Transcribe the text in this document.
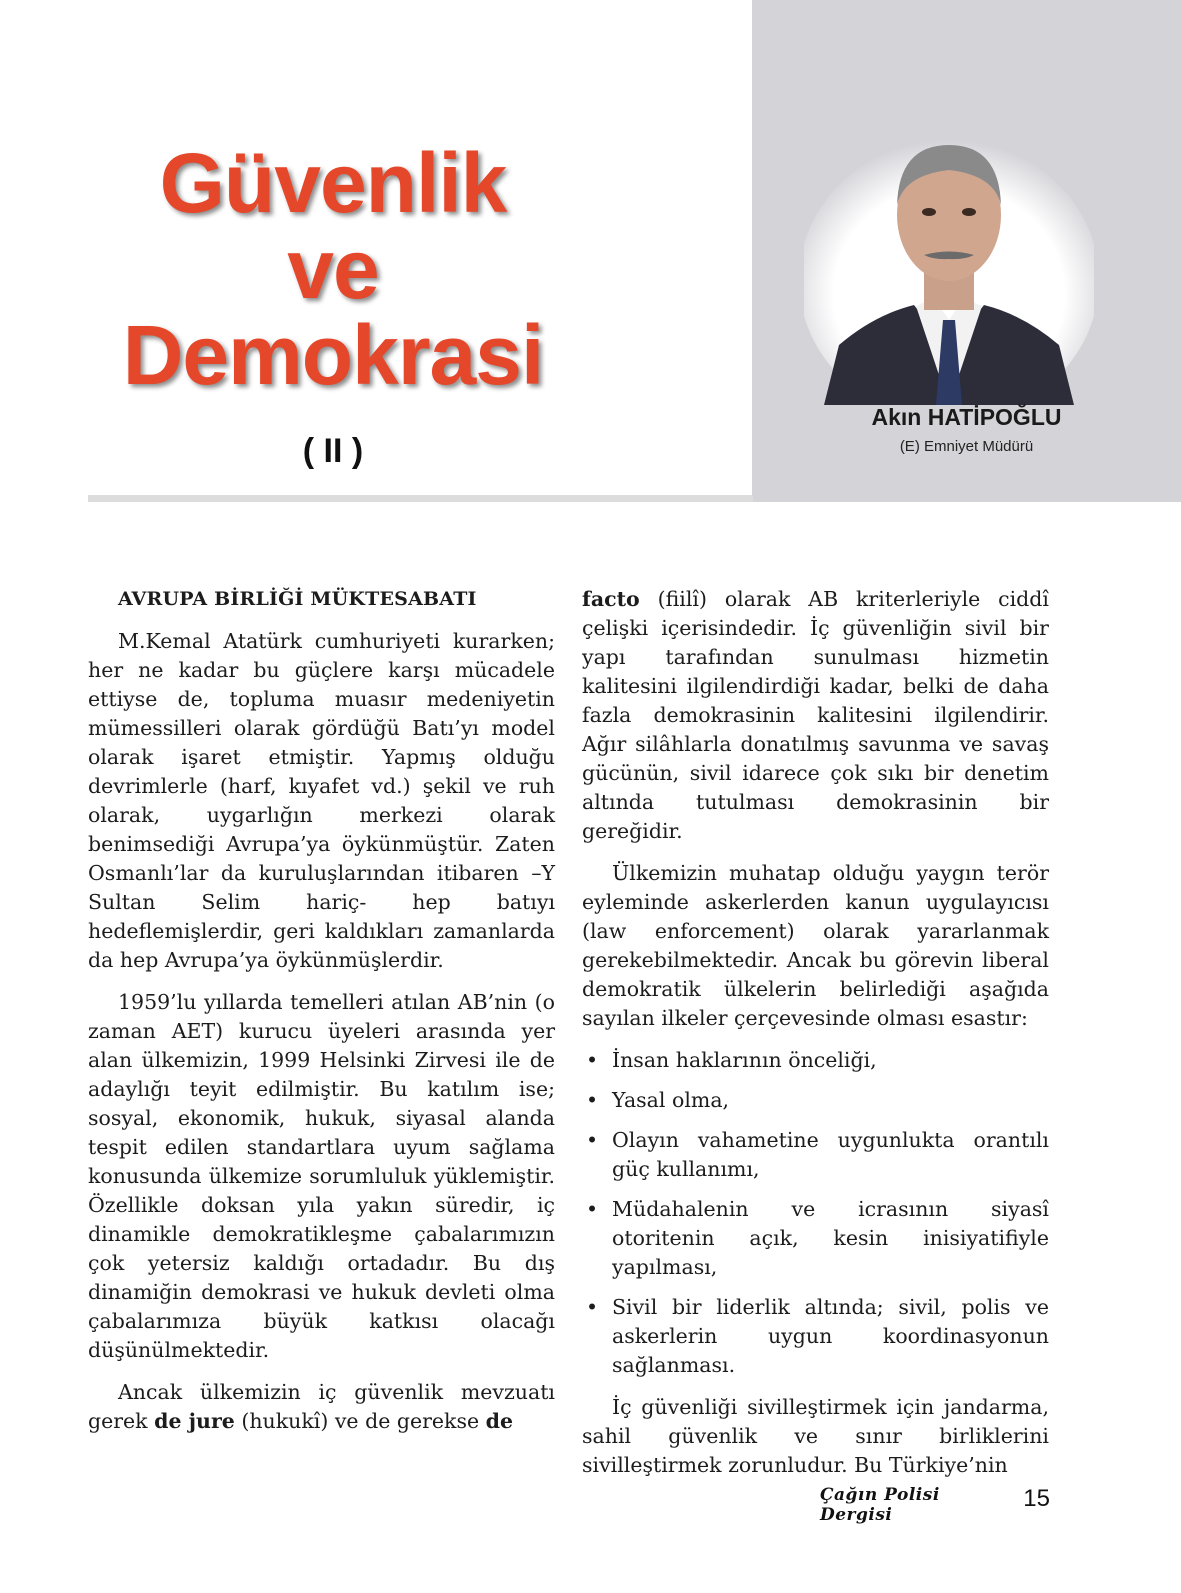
Güvenlik
ve
Demokrasi
( II )
Akın HATİPOĞLU
(E) Emniyet Müdürü

AVRUPA BİRLİĞİ MÜKTESABATI

M.Kemal Atatürk cumhuriyeti kurarken; her ne kadar bu güçlere karşı mücadele ettiyse de, topluma muasır medeniyetin mümessilleri olarak gördüğü Batı’yı model olarak işaret etmiştir. Yapmış olduğu devrimlerle (harf, kıyafet vd.) şekil ve ruh olarak, uygarlığın merkezi olarak benimsediği Avrupa’ya öykünmüştür. Zaten Osmanlı’lar da kuruluşlarından itibaren –Y Sultan Selim hariç- hep batıyı hedeflemişlerdir, geri kaldıkları zamanlarda da hep Avrupa’ya öykünmüşlerdir.

1959’lu yıllarda temelleri atılan AB’nin (o zaman AET) kurucu üyeleri arasında yer alan ülkemizin, 1999 Helsinki Zirvesi ile de adaylığı teyit edilmiştir. Bu katılım ise; sosyal, ekonomik, hukuk, siyasal alanda tespit edilen standartlara uyum sağlama konusunda ülkemize sorumluluk yüklemiştir. Özellikle doksan yıla yakın süredir, iç dinamikle demokratikleşme çabalarımızın çok yetersiz kaldığı ortadadır. Bu dış dinamiğin demokrasi ve hukuk devleti olma çabalarımıza büyük katkısı olacağı düşünülmektedir.

Ancak ülkemizin iç güvenlik mevzuatı gerek de jure (hukukî) ve de gerekse de

facto (fiilî) olarak AB kriterleriyle ciddî çelişki içerisindedir. İç güvenliğin sivil bir yapı tarafından sunulması hizmetin kalitesini ilgilendirdiği kadar, belki de daha fazla demokrasinin kalitesini ilgilendirir. Ağır silâhlarla donatılmış savunma ve savaş gücünün, sivil idarece çok sıkı bir denetim altında tutulması demokrasinin bir gereğidir.

Ülkemizin muhatap olduğu yaygın terör eyleminde askerlerden kanun uygulayıcısı (law enforcement) olarak yararlanmak gerekebilmektedir. Ancak bu görevin liberal demokratik ülkelerin belirlediği aşağıda sayılan ilkeler çerçevesinde olması esastır:

• İnsan haklarının önceliği,
• Yasal olma,
• Olayın vahametine uygunlukta orantılı güç kullanımı,
• Müdahalenin ve icrasının siyasî otoritenin açık, kesin inisiyatifiyle yapılması,
• Sivil bir liderlik altında; sivil, polis ve askerlerin uygun koordinasyonun sağlanması.

İç güvenliği sivilleştirmek için jandarma, sahil güvenlik ve sınır birliklerini sivilleştirmek zorunludur. Bu Türkiye’nin

Çağın Polisi Dergisi
15
